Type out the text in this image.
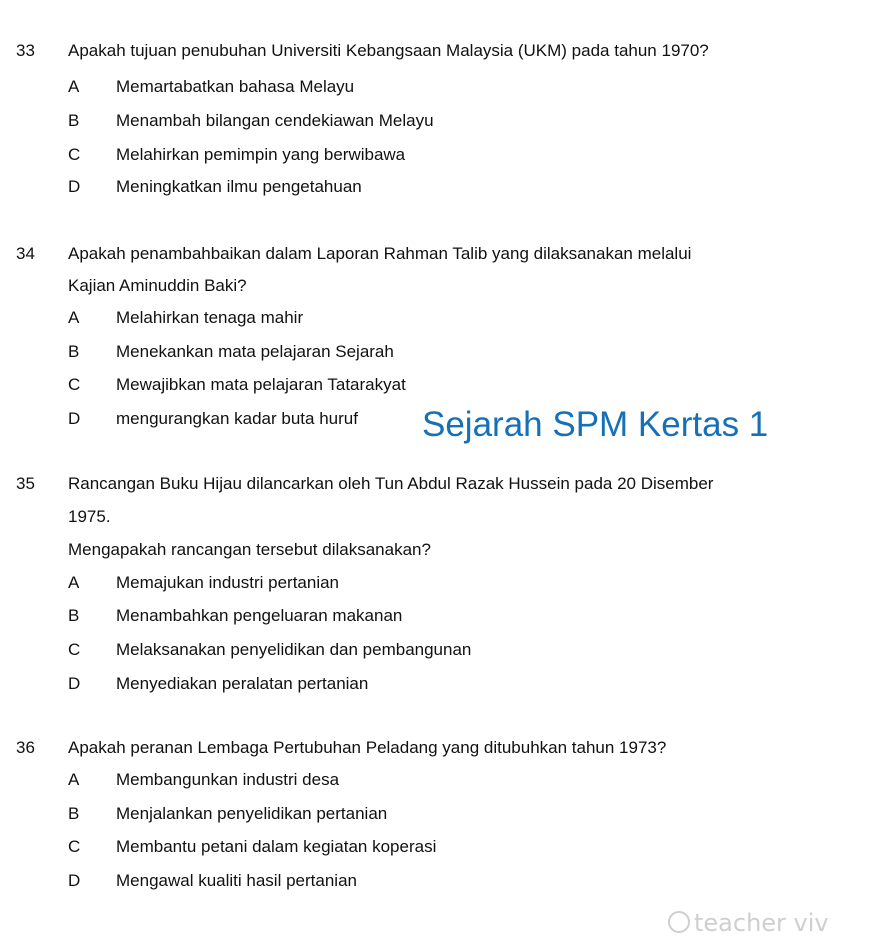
33 Apakah tujuan penubuhan Universiti Kebangsaan Malaysia (UKM) pada tahun 1970?
A Memartabatkan bahasa Melayu
B Menambah bilangan cendekiawan Melayu
C Melahirkan pemimpin yang berwibawa
D Meningkatkan ilmu pengetahuan
34 Apakah penambahbaikan dalam Laporan Rahman Talib yang dilaksanakan melalui
Kajian Aminuddin Baki?
A Melahirkan tenaga mahir
B Menekankan mata pelajaran Sejarah
C Mewajibkan mata pelajaran Tatarakyat
D mengurangkan kadar buta huruf Sejarah SPM Kertas 1
35 Rancangan Buku Hijau dilancarkan oleh Tun Abdul Razak Hussein pada 20 Disember
1975.
Mengapakah rancangan tersebut dilaksanakan?
A Memajukan industri pertanian
B Menambahkan pengeluaran makanan
C Melaksanakan penyelidikan dan pembangunan
D Menyediakan peralatan pertanian
36 Apakah peranan Lembaga Pertubuhan Peladang yang ditubuhkan tahun 1973?
A Membangunkan industri desa
B Menjalankan penyelidikan pertanian
C Membantu petani dalam kegiatan koperasi
D Mengawal kualiti hasil pertanian
teacher viv
